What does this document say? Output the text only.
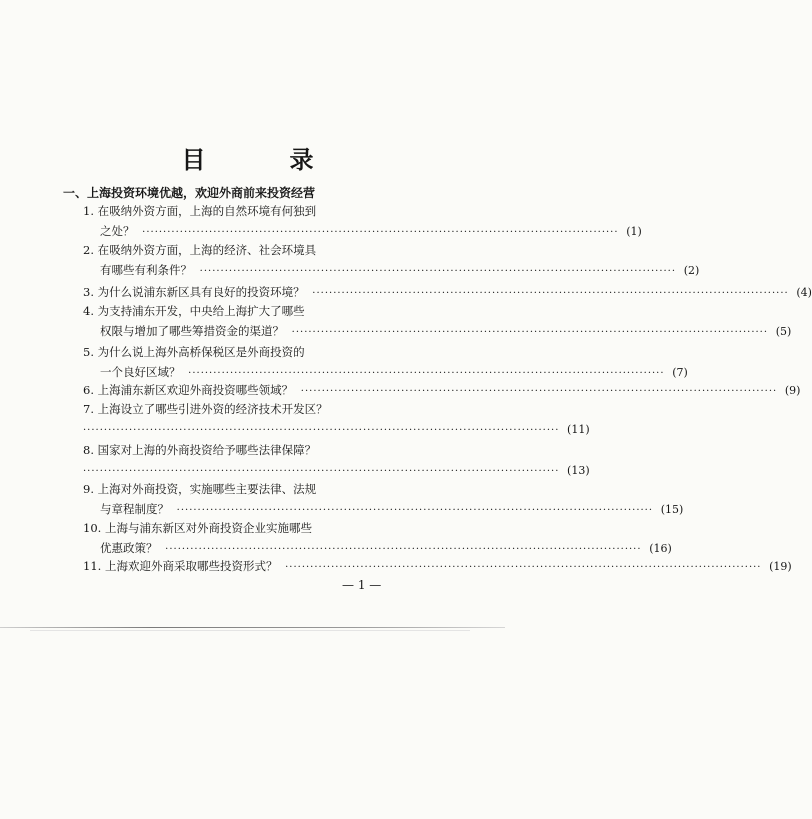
目　录
一、上海投资环境优越，欢迎外商前来投资经营
1. 在吸纳外资方面，上海的自然环境有何独到
之处？ ·····	(1)
2. 在吸纳外资方面，上海的经济、社会环境具
有哪些有利条件？ ·····	(2)
3. 为什么说浦东新区具有良好的投资环境？ ·····	(4)
4. 为支持浦东开发，中央给上海扩大了哪些
权限与增加了哪些筹措资金的渠道？ ·····	(5)
5. 为什么说上海外高桥保税区是外商投资的
一个良好区域？ ·····	(7)
6. 上海浦东新区欢迎外商投资哪些领域？ ·····	(9)
7. 上海设立了哪些引进外资的经济技术开发区？
····· (11)
8. 国家对上海的外商投资给予哪些法律保障？
····· (13)
9. 上海对外商投资，实施哪些主要法律、法规
与章程制度？ ·····	(15)
10. 上海与浦东新区对外商投资企业实施哪些
优惠政策？ ·····	(16)
11. 上海欢迎外商采取哪些投资形式？ ·····	(19)
— 1 —
